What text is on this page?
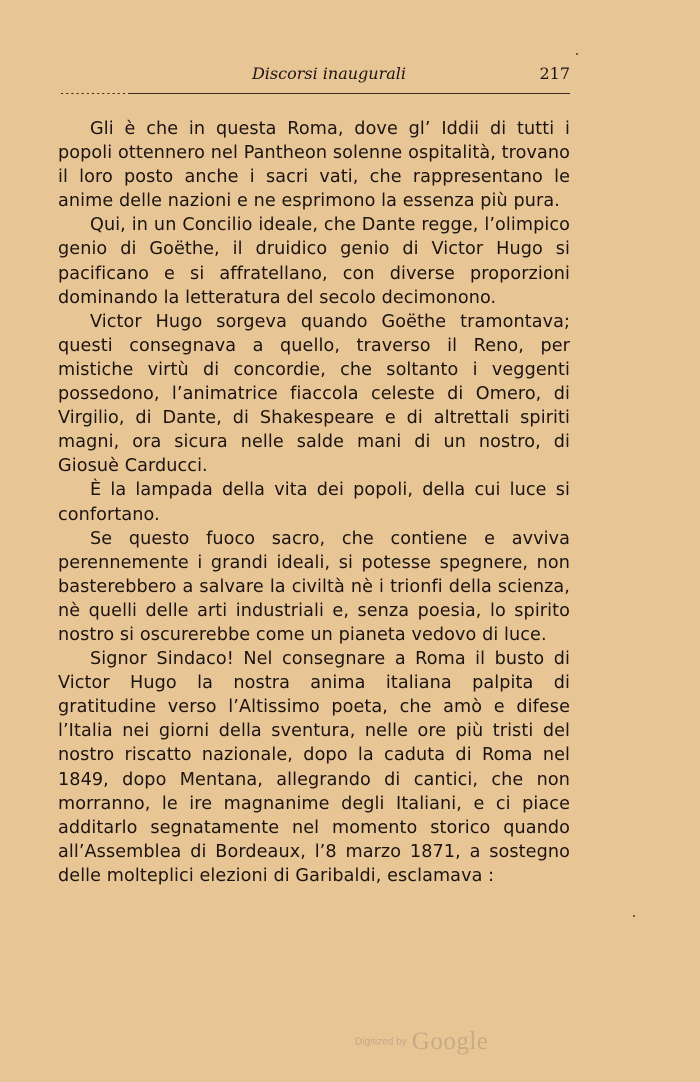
Discorsi inaugurali	217

Gli è che in questa Roma, dove gl’ Iddii di tutti i popoli ottennero nel Pantheon solenne ospitalità, trovano il loro posto anche i sacri vati, che rappresentano le anime delle nazioni e ne esprimono la essenza più pura.

Qui, in un Concilio ideale, che Dante regge, l’olimpico genio di Goëthe, il druidico genio di Victor Hugo si pacificano e si affratellano, con diverse proporzioni dominando la letteratura del secolo decimonono.

Victor Hugo sorgeva quando Goëthe tramontava; questi consegnava a quello, traverso il Reno, per mistiche virtù di concordie, che soltanto i veggenti possedono, l’animatrice fiaccola celeste di Omero, di Virgilio, di Dante, di Shakespeare e di altrettali spiriti magni, ora sicura nelle salde mani di un nostro, di Giosuè Carducci.

È la lampada della vita dei popoli, della cui luce si confortano.

Se questo fuoco sacro, che contiene e avviva perennemente i grandi ideali, si potesse spegnere, non basterebbero a salvare la civiltà nè i trionfi della scienza, nè quelli delle arti industriali e, senza poesia, lo spirito nostro si oscurerebbe come un pianeta vedovo di luce.

Signor Sindaco! Nel consegnare a Roma il busto di Victor Hugo la nostra anima italiana palpita di gratitudine verso l’Altissimo poeta, che amò e difese l’Italia nei giorni della sventura, nelle ore più tristi del nostro riscatto nazionale, dopo la caduta di Roma nel 1849, dopo Mentana, allegrando di cantici, che non morranno, le ire magnanime degli Italiani, e ci piace additarlo segnatamente nel momento storico quando all’Assemblea di Bordeaux, l’8 marzo 1871, a sostegno delle molteplici elezioni di Garibaldi, esclamava :

Digitized by Google
